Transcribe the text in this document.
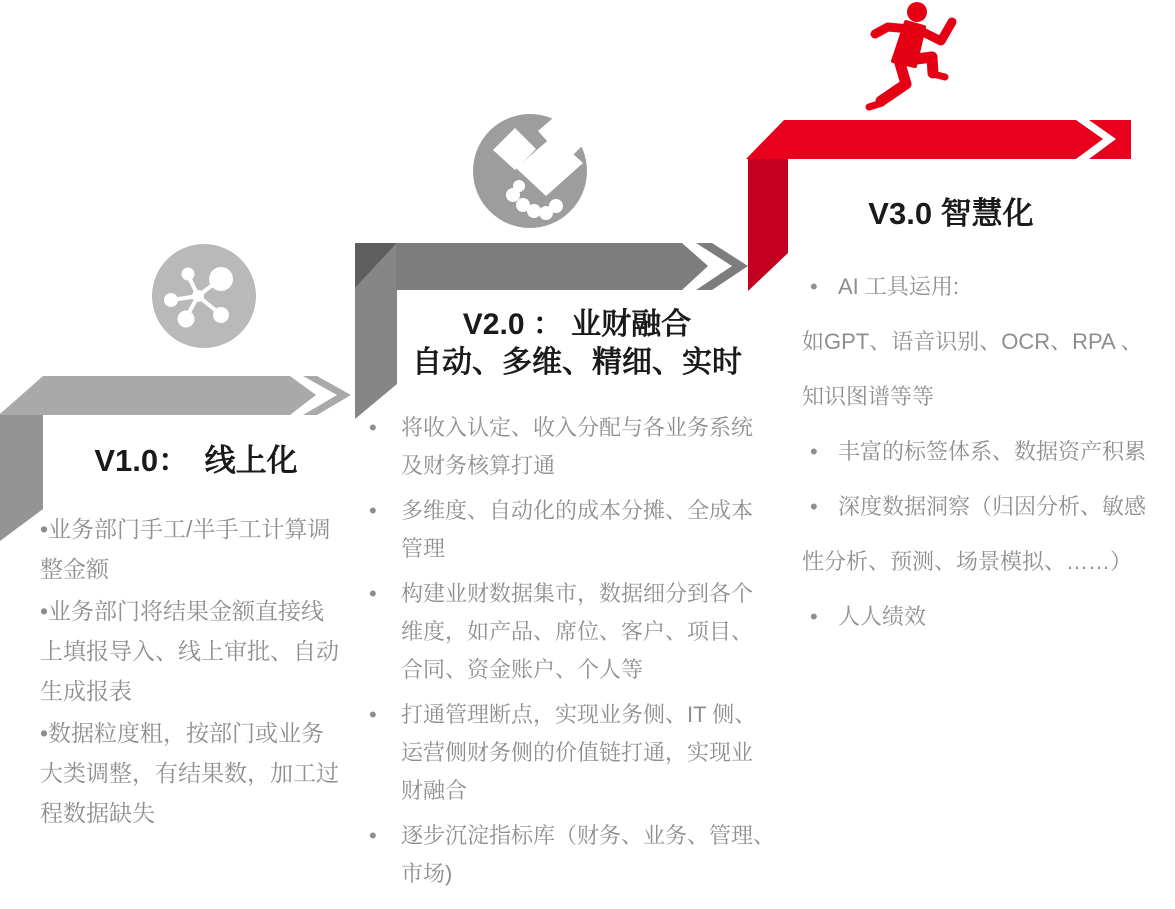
V1.0：　线上化

•业务部门手工/半手工计算调

整金额

•业务部门将结果金额直接线

上填报导入、线上审批、自动

生成报表

•数据粒度粗，按部门或业务

大类调整，有结果数，加工过

程数据缺失

V2.0 ： 业财融合
自动、多维、精细、实时

• 将收入认定、收入分配与各业务系统

及财务核算打通

• 多维度、自动化的成本分摊、全成本

管理

• 构建业财数据集市，数据细分到各个

维度，如产品、席位、客户、项目、

合同、资金账户、个人等

• 打通管理断点，实现业务侧、IT 侧、

运营侧财务侧的价值链打通，实现业

财融合

• 逐步沉淀指标库（财务、业务、管理、

市场)

V3.0 智慧化

• AI 工具运用:

如GPT、语音识别、OCR、RPA 、

知识图谱等等

• 丰富的标签体系、数据资产积累

• 深度数据洞察（归因分析、敏感

性分析、预测、场景模拟、……）

• 人人绩效
